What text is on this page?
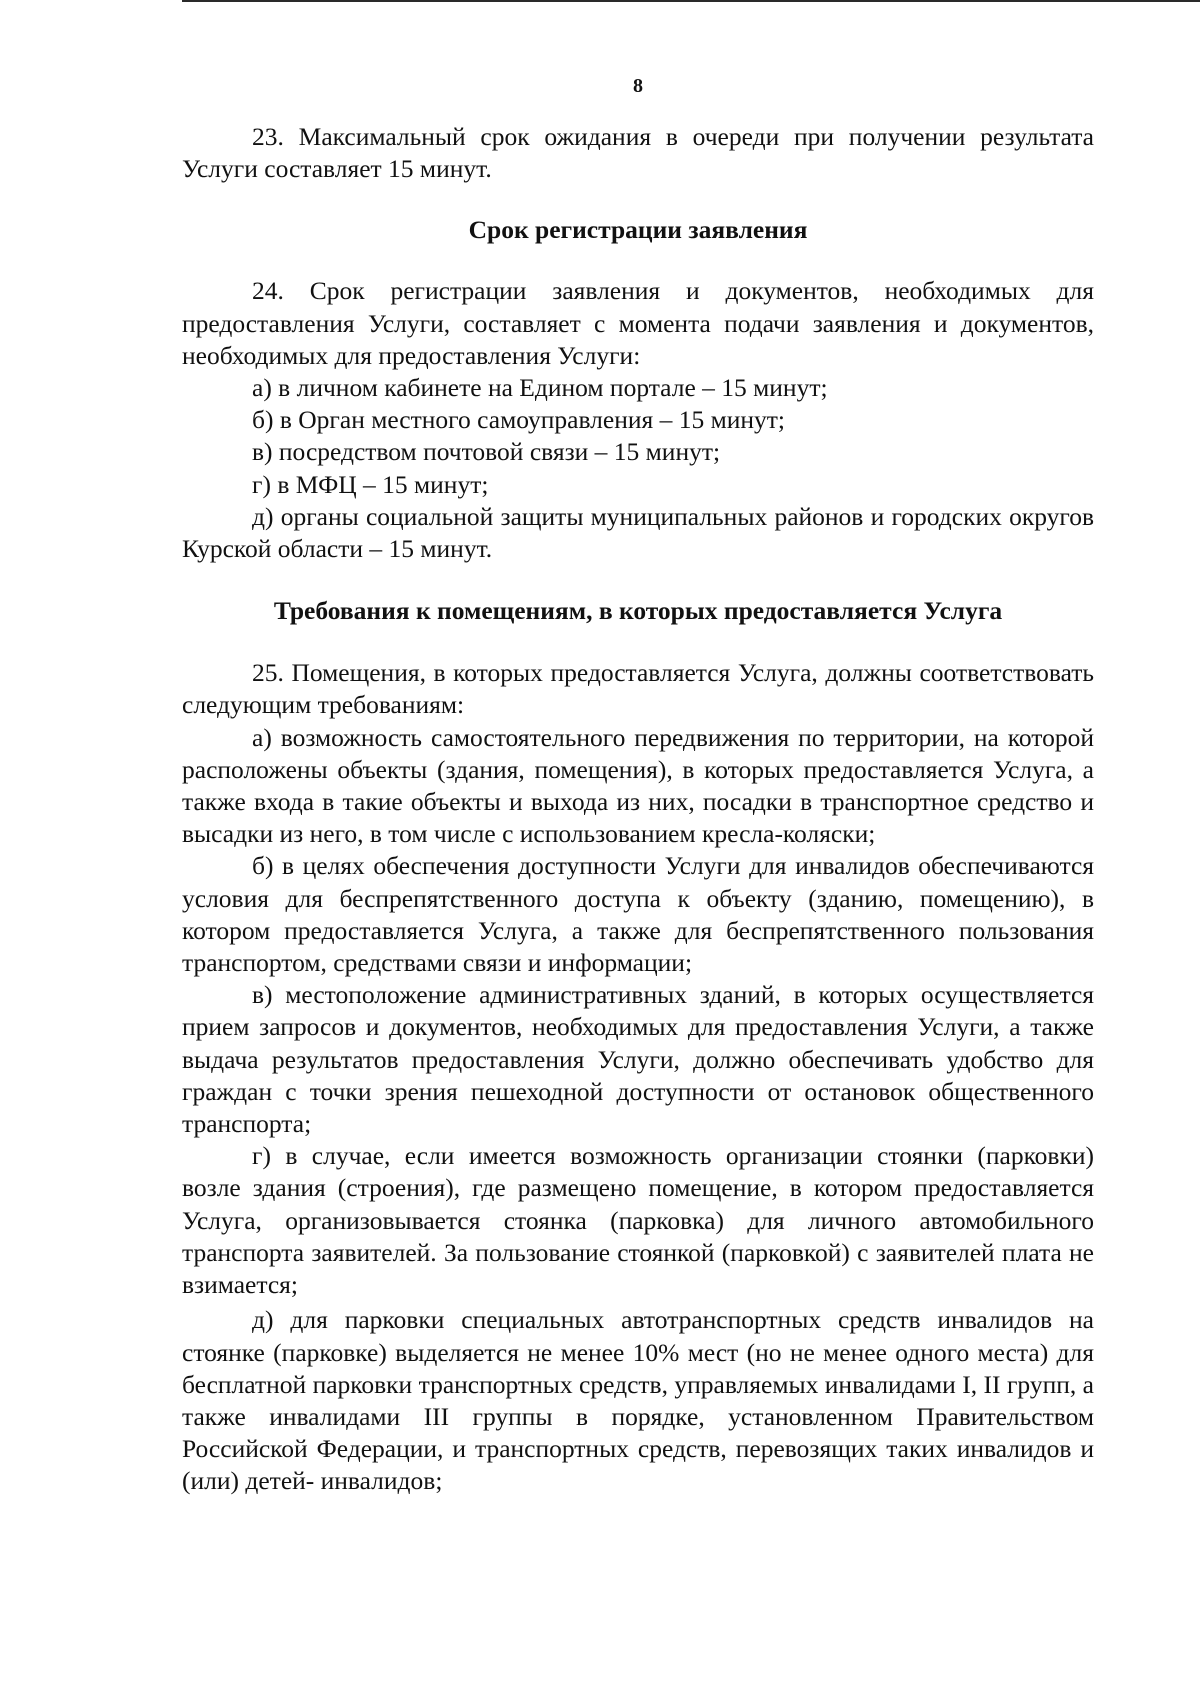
8

23. Максимальный срок ожидания в очереди при получении результата Услуги составляет 15 минут.

Срок регистрации заявления

24. Срок регистрации заявления и документов, необходимых для предоставления Услуги, составляет с момента подачи заявления и документов, необходимых для предоставления Услуги:

а) в личном кабинете на Едином портале – 15 минут;

б) в Орган местного самоуправления – 15 минут;

в) посредством почтовой связи – 15 минут;

г) в МФЦ – 15 минут;

д) органы социальной защиты муниципальных районов и городских округов Курской области – 15 минут.

Требования к помещениям, в которых предоставляется Услуга

25. Помещения, в которых предоставляется Услуга, должны соответствовать следующим требованиям:

а) возможность самостоятельного передвижения по территории, на которой расположены объекты (здания, помещения), в которых предоставляется Услуга, а также входа в такие объекты и выхода из них, посадки в транспортное средство и высадки из него, в том числе с использованием кресла-коляски;

б) в целях обеспечения доступности Услуги для инвалидов обеспечиваются условия для беспрепятственного доступа к объекту (зданию, помещению), в котором предоставляется Услуга, а также для беспрепятственного пользования транспортом, средствами связи и информации;

в) местоположение административных зданий, в которых осуществляется прием запросов и документов, необходимых для предоставления Услуги, а также выдача результатов предоставления Услуги, должно обеспечивать удобство для граждан с точки зрения пешеходной доступности от остановок общественного транспорта;

г) в случае, если имеется возможность организации стоянки (парковки) возле здания (строения), где размещено помещение, в котором предоставляется Услуга, организовывается стоянка (парковка) для личного автомобильного транспорта заявителей. За пользование стоянкой (парковкой) с заявителей плата не взимается;

д) для парковки специальных автотранспортных средств инвалидов на стоянке (парковке) выделяется не менее 10% мест (но не менее одного места) для бесплатной парковки транспортных средств, управляемых инвалидами I, II групп, а также инвалидами III группы в порядке, установленном Правительством Российской Федерации, и транспортных средств, перевозящих таких инвалидов и (или) детей- инвалидов;
